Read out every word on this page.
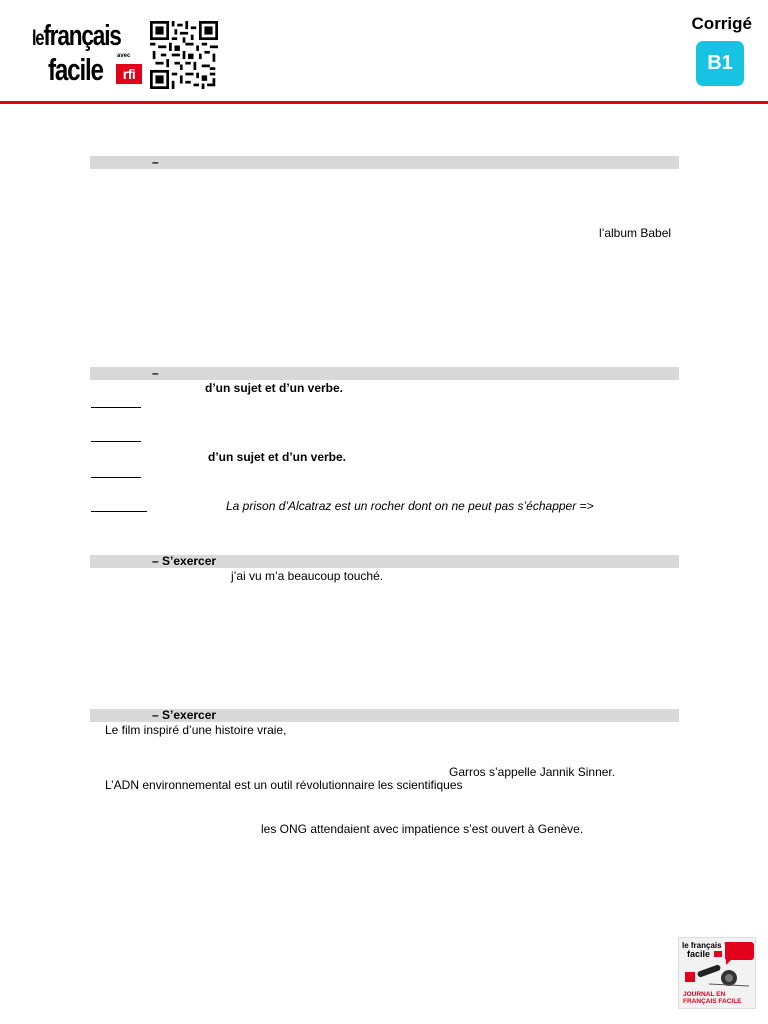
lefrançais
avec
facile	rfi
Corrigé
B1
–
l’album Babel
–
d’un sujet et d’un verbe.
d’un sujet et d’un verbe.
La prison d’Alcatraz est un rocher dont on ne peut pas s’échapper =>
– S’exercer
j’ai vu m’a beaucoup touché.
– S’exercer
Le film inspiré d’une histoire vraie,
Garros s’appelle Jannik Sinner.
L’ADN environnemental est un outil révolutionnaire les scientifiques
les ONG attendaient avec impatience s’est ouvert à Genève.
le français
facile
JOURNAL EN
FRANÇAIS FACILE
